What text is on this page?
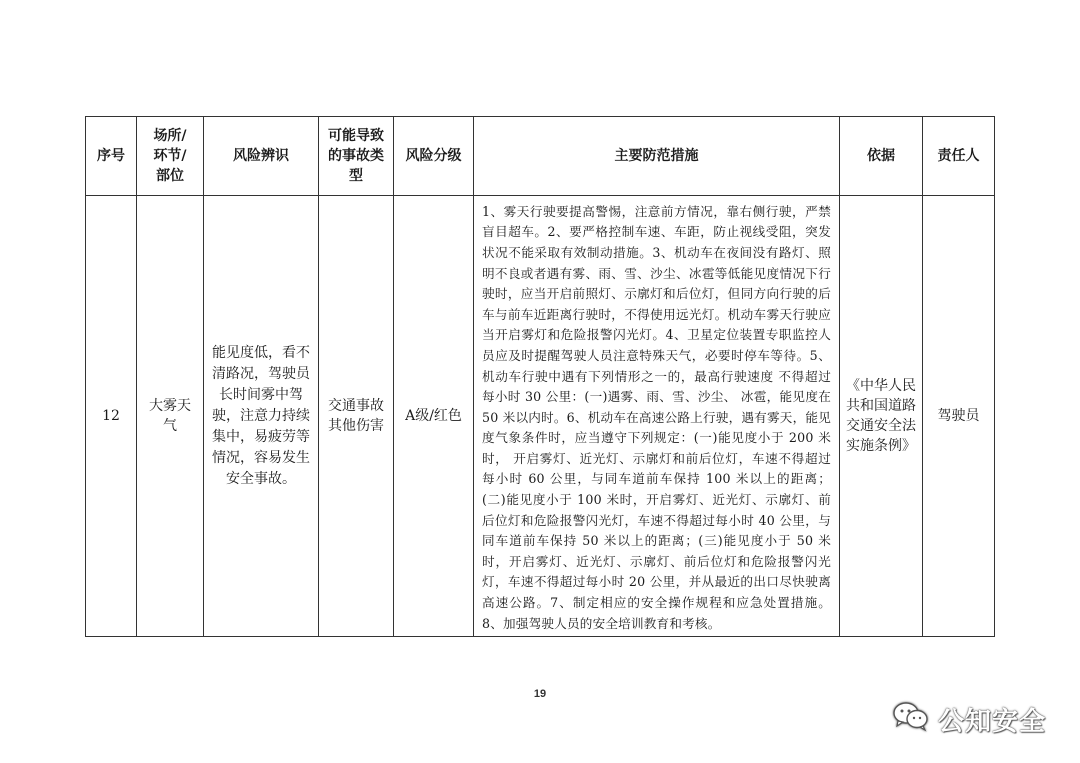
序号	场所/环节/部位	风险辨识	可能导致的事故类型	风险分级	主要防范措施	依据	责任人

12	大雾天气	能见度低，看不清路况，驾驶员长时间雾中驾驶，注意力持续集中，易疲劳等情况，容易发生安全事故。	交通事故其他伤害	A级/红色	1、雾天行驶要提高警惕，注意前方情况，靠右侧行驶，严禁盲目超车。2、要严格控制车速、车距，防止视线受阻，突发状况不能采取有效制动措施。3、机动车在夜间没有路灯、照明不良或者遇有雾、雨、雪、沙尘、冰雹等低能见度情况下行驶时，应当开启前照灯、示廓灯和后位灯，但同方向行驶的后车与前车近距离行驶时，不得使用远光灯。机动车雾天行驶应当开启雾灯和危险报警闪光灯。4、卫星定位装置专职监控人员应及时提醒驾驶人员注意特殊天气，必要时停车等待。5、机动车行驶中遇有下列情形之一的，最高行驶速度 不得超过每小时 30 公里：(一)遇雾、雨、雪、沙尘、 冰雹，能见度在 50 米以内时。6、机动车在高速公路上行驶，遇有雾天，能见度气象条件时，应当遵守下列规定：(一)能见度小于 200 米时， 开启雾灯、近光灯、示廓灯和前后位灯，车速不得超过每小时 60 公里，与同车道前车保持 100 米以上的距离；(二)能见度小于 100 米时，开启雾灯、近光灯、示廓灯、前后位灯和危险报警闪光灯，车速不得超过每小时 40 公里，与同车道前车保持 50 米以上的距离；(三)能见度小于 50 米时，开启雾灯、近光灯、示廓灯、前后位灯和危险报警闪光灯，车速不得超过每小时 20 公里，并从最近的出口尽快驶离高速公路。7、制定相应的安全操作规程和应急处置措施。8、加强驾驶人员的安全培训教育和考核。	《中华人民共和国道路交通安全法实施条例》	驾驶员
19
公知安全
